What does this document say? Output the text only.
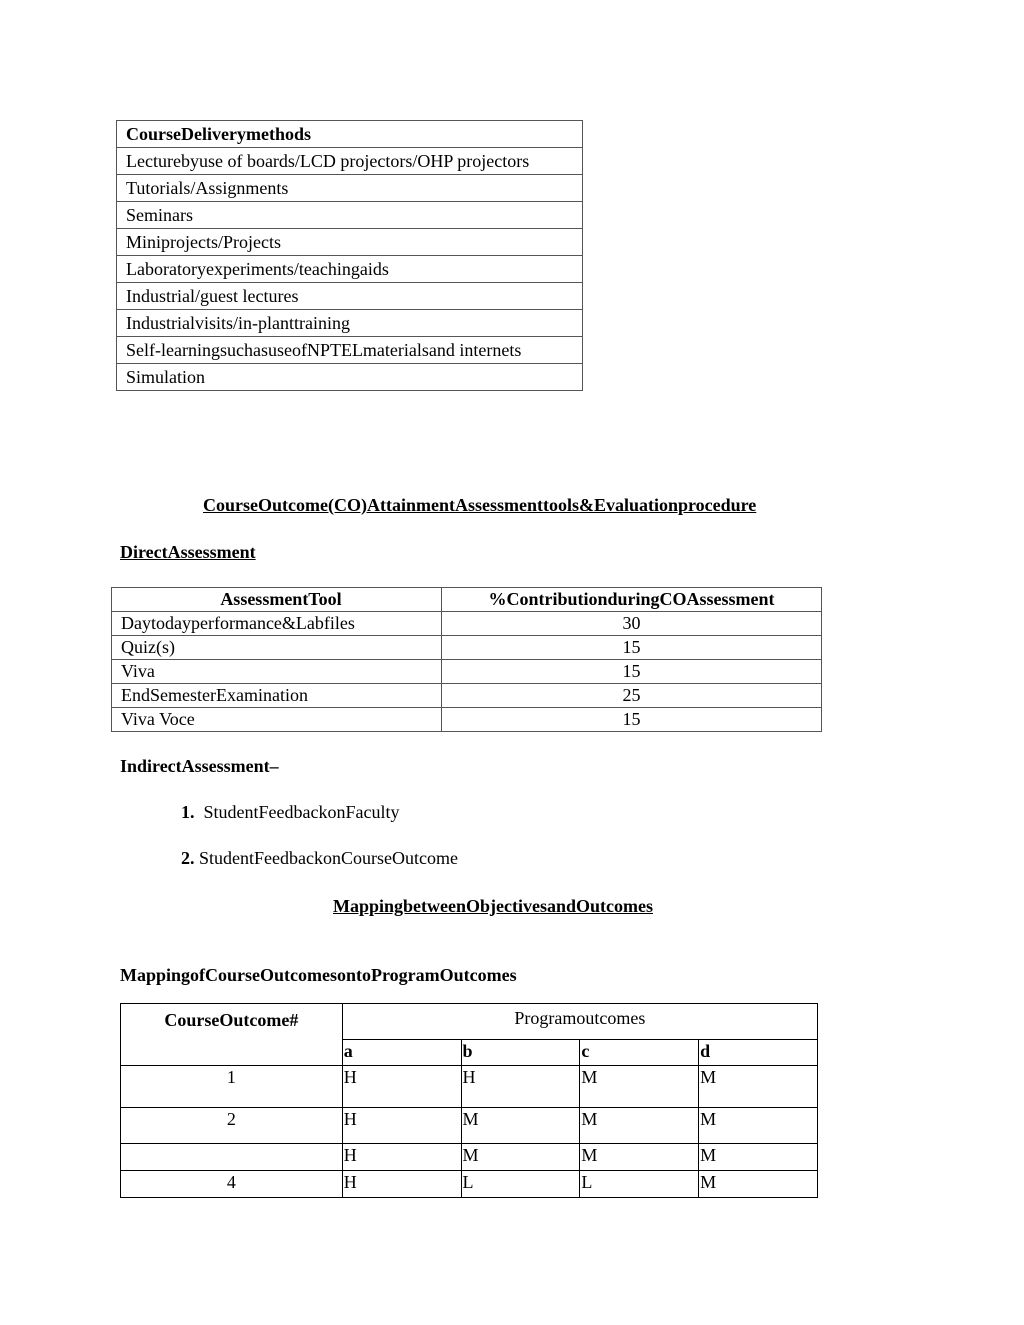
CourseDeliverymethods
Lecturebyuse of boards/LCD projectors/OHP projectors
Tutorials/Assignments
Seminars
Miniprojects/Projects
Laboratoryexperiments/teachingaids
Industrial/guest lectures
Industrialvisits/in-planttraining
Self-learningsuchasuseofNPTELmaterialsand internets
Simulation
CourseOutcome(CO)AttainmentAssessmenttools&Evaluationprocedure
DirectAssessment
AssessmentTool	%ContributionduringCOAssessment
Daytodayperformance&Labfiles	30
Quiz(s)	15
Viva	15
EndSemesterExamination	25
Viva Voce	15
IndirectAssessment–
1. StudentFeedbackonFaculty
2. StudentFeedbackonCourseOutcome
MappingbetweenObjectivesandOutcomes
MappingofCourseOutcomesontoProgramOutcomes
CourseOutcome#	Programoutcomes			
	a	b	c	d
1	H	H	M	M
2	H	M	M	M
	H	M	M	M
4	H	L	L	M
